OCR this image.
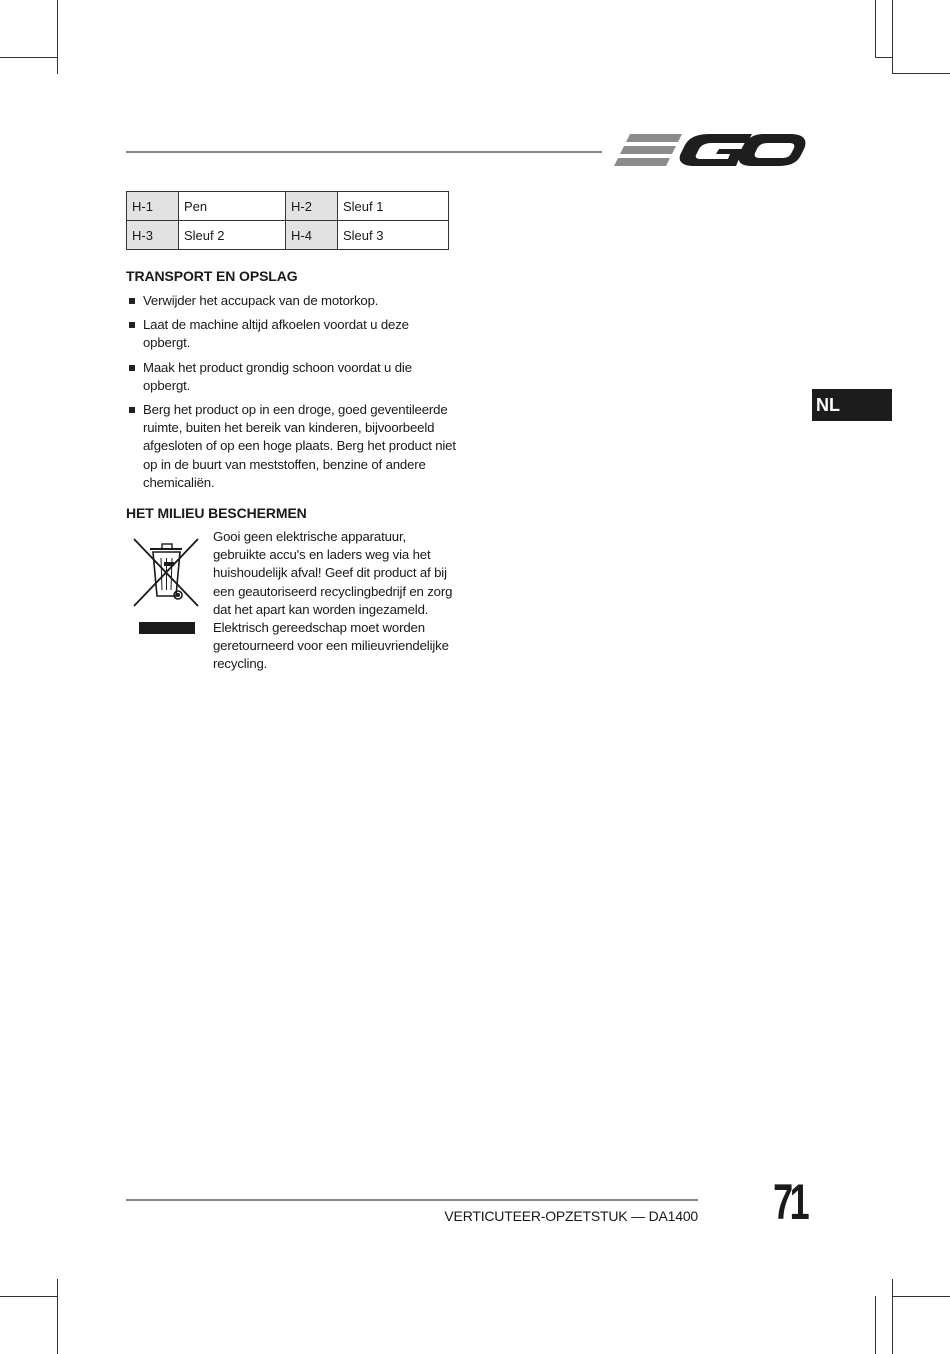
H-1	Pen	H-2	Sleuf 1
H-3	Sleuf 2	H-4	Sleuf 3
TRANSPORT EN OPSLAG
Verwijder het accupack van de motorkop.
Laat de machine altijd afkoelen voordat u deze opbergt.
Maak het product grondig schoon voordat u die opbergt.
Berg het product op in een droge, goed geventileerde ruimte, buiten het bereik van kinderen, bijvoorbeeld afgesloten of op een hoge plaats. Berg het product niet op in de buurt van meststoffen, benzine of andere chemicaliën.
HET MILIEU BESCHERMEN

Gooi geen elektrische apparatuur, gebruikte accu's en laders weg via het huishoudelijk afval! Geef dit product af bij een geautoriseerd recyclingbedrijf en zorg dat het apart kan worden ingezameld. Elektrisch gereedschap moet worden geretourneerd voor een milieuvriendelijke recycling.

NL
VERTICUTEER-OPZETSTUK — DA1400 71
